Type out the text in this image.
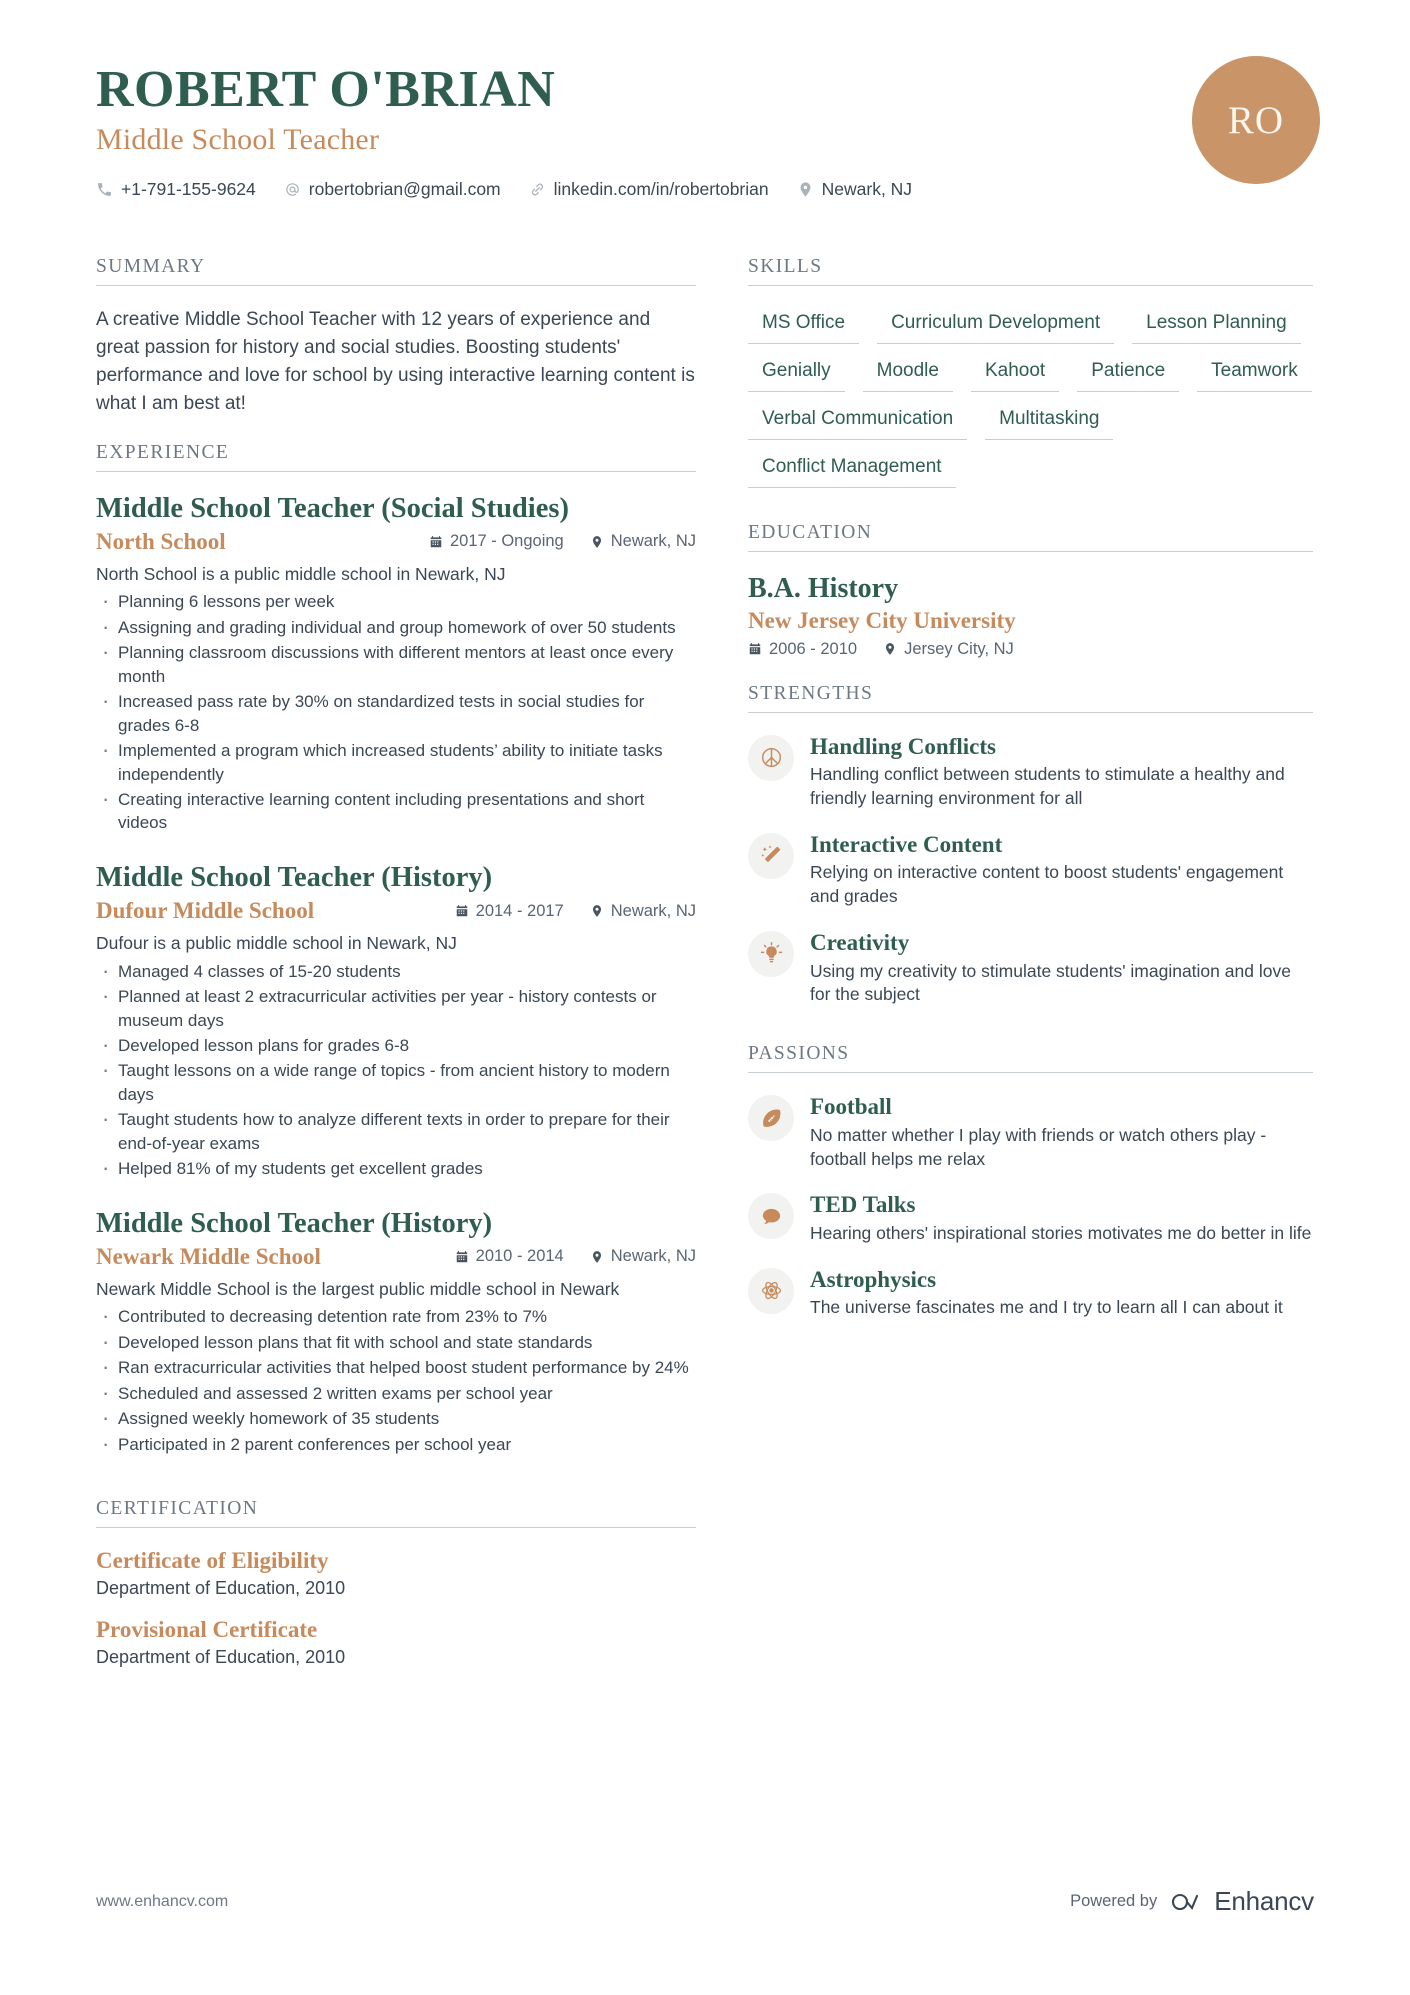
ROBERT O'BRIAN
Middle School Teacher
+1-791-155-9624	robertobrian@gmail.com	linkedin.com/in/robertobrian	Newark, NJ
RO
SUMMARY
A creative Middle School Teacher with 12 years of experience and great passion for history and social studies. Boosting students' performance and love for school by using interactive learning content is what I am best at!
EXPERIENCE
Middle School Teacher (Social Studies)
North School	2017 - Ongoing	Newark, NJ
North School is a public middle school in Newark, NJ
· Planning 6 lessons per week
· Assigning and grading individual and group homework of over 50 students
· Planning classroom discussions with different mentors at least once every month
· Increased pass rate by 30% on standardized tests in social studies for grades 6-8
· Implemented a program which increased students’ ability to initiate tasks independently
· Creating interactive learning content including presentations and short videos
Middle School Teacher (History)
Dufour Middle School	2014 - 2017	Newark, NJ
Dufour is a public middle school in Newark, NJ
· Managed 4 classes of 15-20 students
· Planned at least 2 extracurricular activities per year - history contests or museum days
· Developed lesson plans for grades 6-8
· Taught lessons on a wide range of topics - from ancient history to modern days
· Taught students how to analyze different texts in order to prepare for their end-of-year exams
· Helped 81% of my students get excellent grades
Middle School Teacher (History)
Newark Middle School	2010 - 2014	Newark, NJ
Newark Middle School is the largest public middle school in Newark
· Contributed to decreasing detention rate from 23% to 7%
· Developed lesson plans that fit with school and state standards
· Ran extracurricular activities that helped boost student performance by 24%
· Scheduled and assessed 2 written exams per school year
· Assigned weekly homework of 35 students
· Participated in 2 parent conferences per school year
CERTIFICATION
Certificate of Eligibility
Department of Education, 2010
Provisional Certificate
Department of Education, 2010
SKILLS
MS Office	Curriculum Development	Lesson Planning
Genially	Moodle	Kahoot	Patience	Teamwork
Verbal Communication	Multitasking
Conflict Management
EDUCATION
B.A. History
New Jersey City University
2006 - 2010	Jersey City, NJ
STRENGTHS
Handling Conflicts
Handling conflict between students to stimulate a healthy and friendly learning environment for all
Interactive Content
Relying on interactive content to boost students' engagement and grades
Creativity
Using my creativity to stimulate students' imagination and love for the subject
PASSIONS
Football
No matter whether I play with friends or watch others play - football helps me relax
TED Talks
Hearing others' inspirational stories motivates me do better in life
Astrophysics
The universe fascinates me and I try to learn all I can about it
www.enhancv.com	Powered by Enhancv
